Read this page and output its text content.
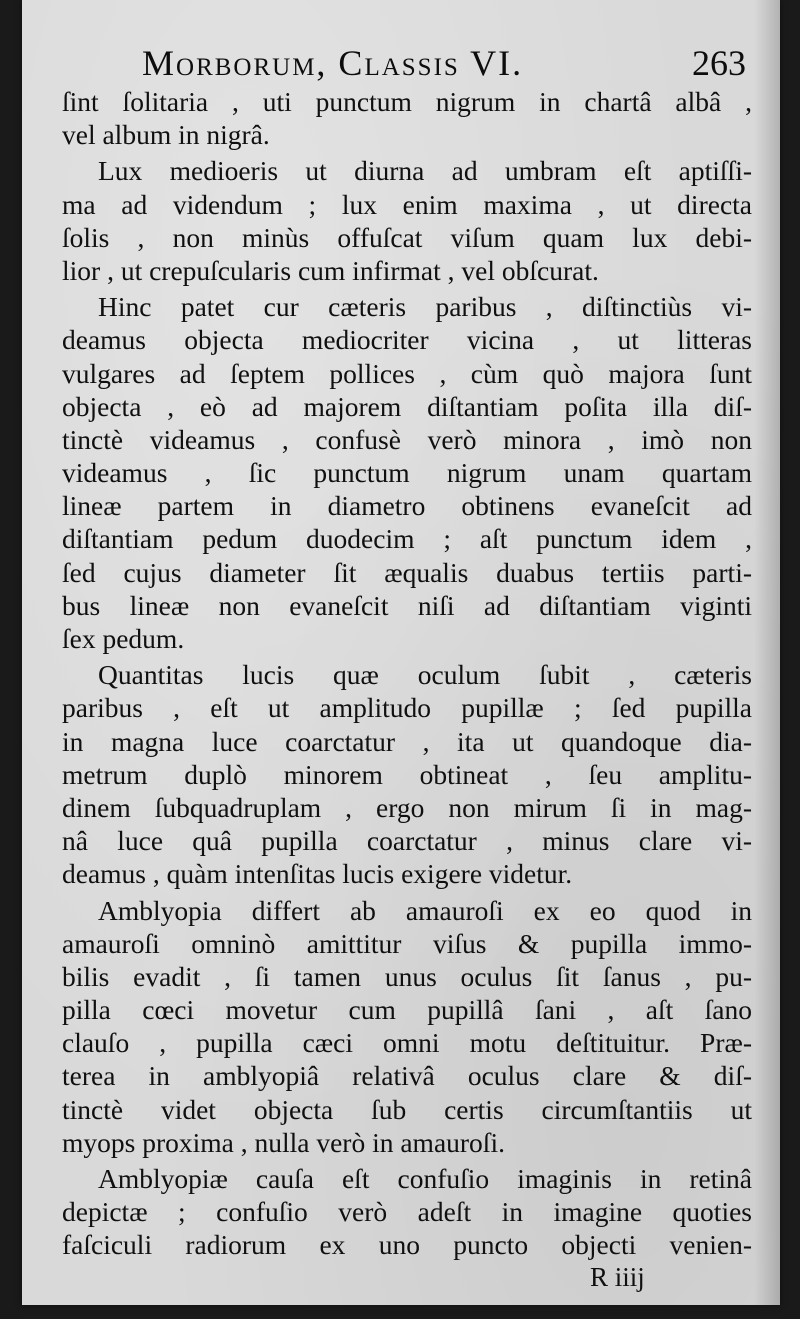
Morborum, Classis VI.	263
ſint ſolitaria , uti punctum nigrum in chartâ albâ ,
vel album in nigrâ.
Lux medioeris ut diurna ad umbram eſt aptiſſi-
ma ad videndum ; lux enim maxima , ut directa
ſolis , non minùs offuſcat viſum quam lux debi-
lior , ut crepuſcularis cum infirmat , vel obſcurat.
Hinc patet cur cæteris paribus , diſtinctiùs vi-
deamus objecta mediocriter vicina , ut litteras
vulgares ad ſeptem pollices , cùm quò majora ſunt
objecta , eò ad majorem diſtantiam poſita illa diſ-
tinctè videamus , confusè verò minora , imò non
videamus , ſic punctum nigrum unam quartam
lineæ partem in diametro obtinens evaneſcit ad
diſtantiam pedum duodecim ; aſt punctum idem ,
ſed cujus diameter ſit æqualis duabus tertiis parti-
bus lineæ non evaneſcit niſi ad diſtantiam viginti
ſex pedum.
Quantitas lucis quæ oculum ſubit , cæteris
paribus , eſt ut amplitudo pupillæ ; ſed pupilla
in magna luce coarctatur , ita ut quandoque dia-
metrum duplò minorem obtineat , ſeu amplitu-
dinem ſubquadruplam , ergo non mirum ſi in mag-
nâ luce quâ pupilla coarctatur , minus clare vi-
deamus , quàm intenſitas lucis exigere videtur.
Amblyopia differt ab amauroſi ex eo quod in
amauroſi omninò amittitur viſus & pupilla immo-
bilis evadit , ſi tamen unus oculus ſit ſanus , pu-
pilla cœci movetur cum pupillâ ſani , aſt ſano
clauſo , pupilla cæci omni motu deſtituitur. Præ-
terea in amblyopiâ relativâ oculus clare & diſ-
tinctè videt objecta ſub certis circumſtantiis ut
myops proxima , nulla verò in amauroſi.
Amblyopiæ cauſa eſt confuſio imaginis in retinâ
depictæ ; confuſio verò adeſt in imagine quoties
faſciculi radiorum ex uno puncto objecti venien-
R iiij
